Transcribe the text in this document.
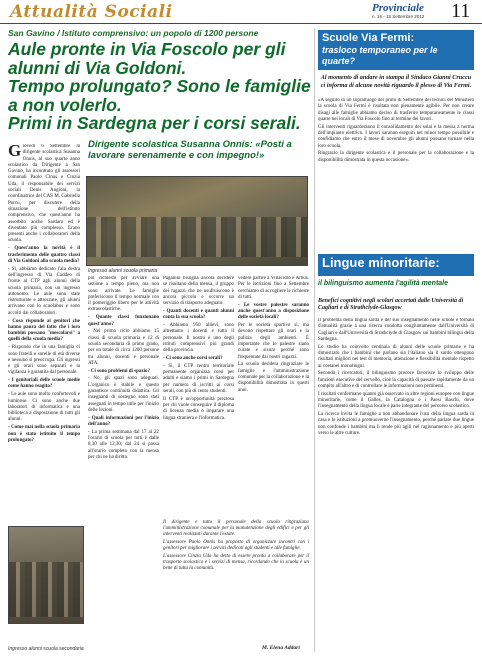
Attualità Sociali	Provinciale
n. 16 - 15 Settembre 2012 11
San Gavino / Istituto comprensivo: un popolo di 1200 persone
Aule pronte in Via Foscolo per gli
alunni di Via Goldoni.
Tempo prolungato? Sono le famiglie
a non volerlo.
Primi in Sardegna per i corsi serali.
Dirigente scolastica Susanna Onnis: «Posti a lavorare serenamente e con impegno!»
Ingresso alunni scuola primaria

Giovedì 6 Settembre la dirigente scolastica Susanna Onnis, al suo quarto anno scolastico da Dirigente a San Gavino, ha incontrato gli assessori comunali Paolo Cinus e Cinzia Uda, il responsabile dei servizi sociali Denis Angioni, la coordinatrice del CAS M. Gabriella Porcu, per discutere della situazione dell'istituto comprensivo, che quest'anno ha assorbito anche Sardara ed è diventato più complesso. Erano presenti anche i collaboratori della scuola.

- Quest'anno la novità è il trasferimento delle quattro classi di Via Goldoni alla scuola media?

- Sì, abbiamo dedicato l'ala destra dell'ingresso di Via Caddeo di fronte al CTP agli alunni della scuola primaria, con un ingresso autonomo. Le aule sono state ristrutturate e attrezzate, gli alunni arrivano con lo scuolabus e sono accolti dai collaboratori.

- Cosa risponde ai genitori che hanno paura del fatto che i loro bambini possano "mescolarsi" a quelli della scuola media?

- Rispondo che in una famiglia ci sono fratelli e sorelle di età diverse e nessuno si preoccupa. Gli ingressi e gli orari sono separati e la vigilanza è garantita dal personale.

- I genitoriali delle scuole medie come hanno reagito?

- Le aule sono molto confortevoli e luminose. Ci sono anche due laboratori di informatica e una biblioteca a disposizione di tutti gli alunni.

- Come mai nella scuola primaria non è stato istituito il tempo prolungato?

più richieste per avviare una sezione a tempo pieno, ma non sono arrivate. Le famiglie preferiscono il tempo normale con il pomeriggio libero per le attività extrascolastiche.

- Quante classi funzionano quest'anno?

- Nel primo ciclo abbiamo 15 classi di scuola primaria e 12 di scuola secondaria di primo grado, per un totale di circa 1200 persone tra alunni, docenti e personale ATA.

- Ci sono problemi di spazio?

- No, gli spazi sono adeguati. L'organico è stabile e questo garantisce continuità didattica. Gli insegnanti di sostegno sono stati assegnati in tempo utile per l'inizio delle lezioni.

- Quali informazioni per l'inizio dell'anno?

- La prima settimana dal 17 al 22 l'orario di scuola per tutti è dalle 8,30 alle 12,30; dal 24 si passa all'orario completo con la mensa per chi ne ha diritto.

Paganini bisogna ancora decidere se risultano della mensa, il gruppo dei ragazzi che ne usufruiscono è ancora piccolo e occorre un servizio di trasporto adeguato.

- Quanti docenti e quanti alunni conta la sua scuola?

- Abbiamo 950 allievi, sono altrettanto i docenti e tutto il personale. Il nostro è uno degli istituti comprensivi più grandi della provincia.

- Ci sono anche corsi serali?

- Sì, il CTP centro territoriale permanente organizza corsi per adulti e siamo i primi in Sardegna per numero di iscritti ai corsi serali, con più di cento studenti.

Il CTP è un'opportunità preziosa per chi vuole conseguire il diploma di licenza media o imparare una lingua straniera e l'informatica.

vedere partire a Villacidro e Arbus. Per le iscrizioni fino a Settembre cerchiamo di accogliere le richieste di tutti.

- Le vostre palestre saranno anche quest'anno a disposizione delle società locali?

Per le società sportive sì, ma devono rispettare gli orari e la pulizia degli ambienti. È importante che le palestre siano curate e sicure perché sono frequentate dai nostri ragazzi.

La scuola desidera ringraziare le famiglie e l'amministrazione comunale per la collaborazione e la disponibilità dimostrata in questi anni.

Ingresso alunni scuola secondaria

Il dirigente e tutto il personale della scuola ringraziano l'amministrazione comunale per la manutenzione degli edifici e per gli interventi realizzati durante l'estate.

L'assessore Paolo Onnis ha proposto di organizzare incontri con i genitori per migliorare i servizi dedicati agli studenti e alle famiglie.

L'assessore Cinzia Uda ha detto di essere pronta a collaborare per il trasporto scolastico e i servizi di mensa, ricordando che la scuola è un bene di tutta la comunità.

M. Elena Addari
Scuole Via Fermi:
trasloco temporaneo per le quarte?
Al momento di andare in stampa il Sindaco Gianni Cruccu ci informa di alcune novità riguardo il plesso di Via Fermi.

«A seguito di un sopralluogo dei primi di Settembre dei tecnici del Ministero la scuola di Via Fermi è risultata non pienamente agibile. Per non creare disagi alle famiglie abbiamo deciso di trasferire temporaneamente le classi quarte nei locali di Via Foscolo fino al termine dei lavori.

Gli interventi riguarderanno il consolidamento dei solai e la messa a norma dell'impianto elettrico. I lavori saranno eseguiti nel minor tempo possibile e confidiamo che entro il mese di novembre gli alunni possano tornare nella loro scuola.

Ringrazio la dirigente scolastica e il personale per la collaborazione e la disponibilità dimostrata in questa occasione».

Lingue minoritarie:
il bilinguismo aumenta l'agilità mentale
Benefici cognitivi negli scolari accertati dalle Università di Cagliari e di Strathclyde-Glasgow

Il problema della lingua sarda e del suo insegnamento nelle scuole è tornato d'attualità grazie a una ricerca condotta congiuntamente dall'Università di Cagliari e dall'Università di Strathclyde di Glasgow sui bambini bilingui della Sardegna.

Lo studio ha coinvolto centinaia di alunni delle scuole primarie e ha dimostrato che i bambini che parlano sia l'italiano sia il sardo ottengono risultati migliori nei test di memoria, attenzione e flessibilità mentale rispetto ai coetanei monolingui.

Secondo i ricercatori, il bilinguismo precoce favorisce lo sviluppo delle funzioni esecutive del cervello, cioè la capacità di passare rapidamente da un compito all'altro e di controllare le informazioni non pertinenti.

I risultati confermano quanto già osservato in altre regioni europee con lingue minoritarie, come il Galles, la Catalogna e i Paesi Baschi, dove l'insegnamento della lingua locale è parte integrante del percorso scolastico.

La ricerca invita le famiglie a non abbandonare l'uso della lingua sarda in casa e le istituzioni a promuoverne l'insegnamento, perché parlare due lingue non confonde i bambini ma li rende più agili nel ragionamento e più aperti verso le altre culture.
